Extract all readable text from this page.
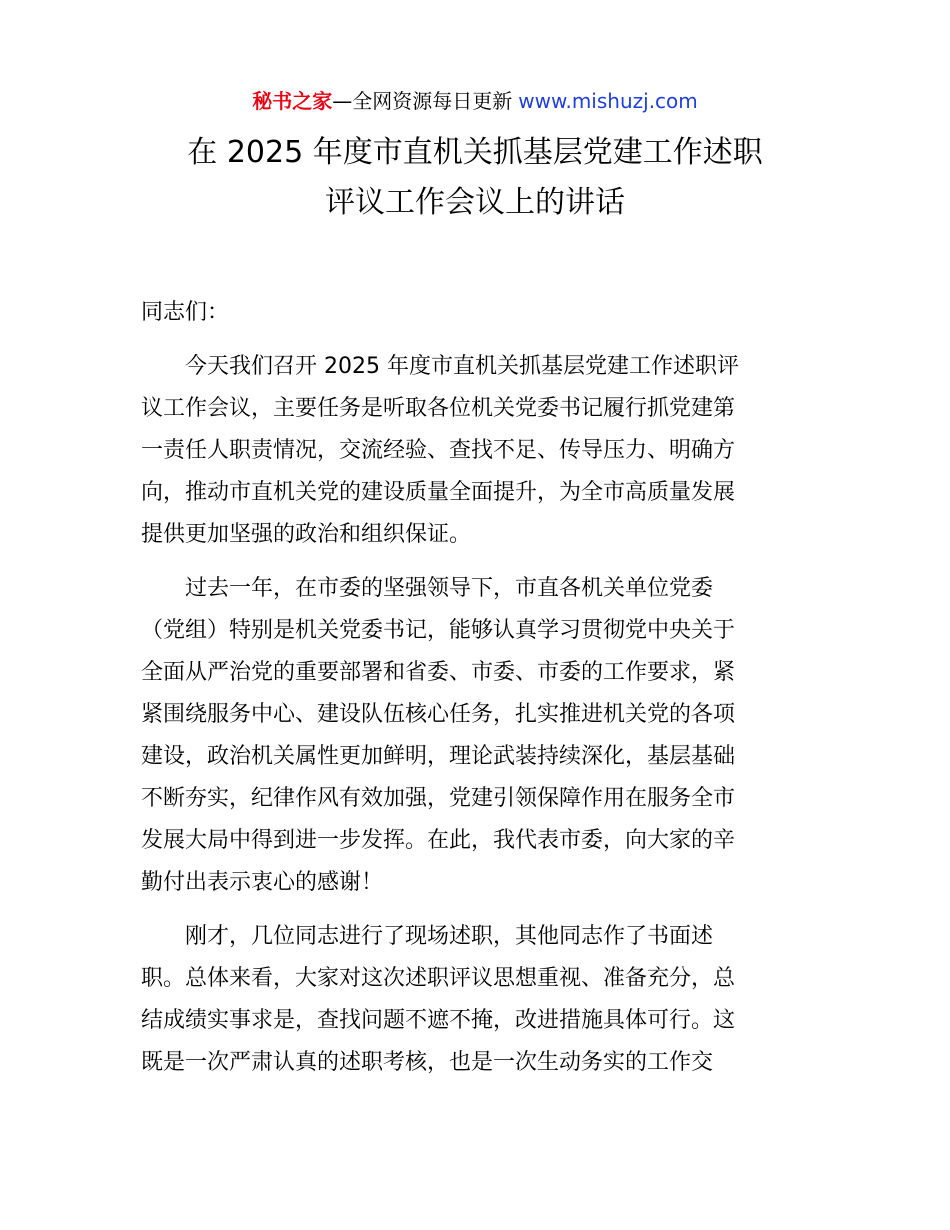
秘书之家—全网资源每日更新 www.mishuzj.com
在 2025 年度市直机关抓基层党建工作述职
评议工作会议上的讲话

同志们：

今天我们召开 2025 年度市直机关抓基层党建工作述职评
议工作会议，主要任务是听取各位机关党委书记履行抓党建第
一责任人职责情况，交流经验、查找不足、传导压力、明确方
向，推动市直机关党的建设质量全面提升，为全市高质量发展
提供更加坚强的政治和组织保证。

过去一年，在市委的坚强领导下，市直各机关单位党委
（党组）特别是机关党委书记，能够认真学习贯彻党中央关于
全面从严治党的重要部署和省委、市委、市委的工作要求，紧
紧围绕服务中心、建设队伍核心任务，扎实推进机关党的各项
建设，政治机关属性更加鲜明，理论武装持续深化，基层基础
不断夯实，纪律作风有效加强，党建引领保障作用在服务全市
发展大局中得到进一步发挥。在此，我代表市委，向大家的辛
勤付出表示衷心的感谢！

刚才，几位同志进行了现场述职，其他同志作了书面述
职。总体来看，大家对这次述职评议思想重视、准备充分，总
结成绩实事求是，查找问题不遮不掩，改进措施具体可行。这
既是一次严肃认真的述职考核，也是一次生动务实的工作交
